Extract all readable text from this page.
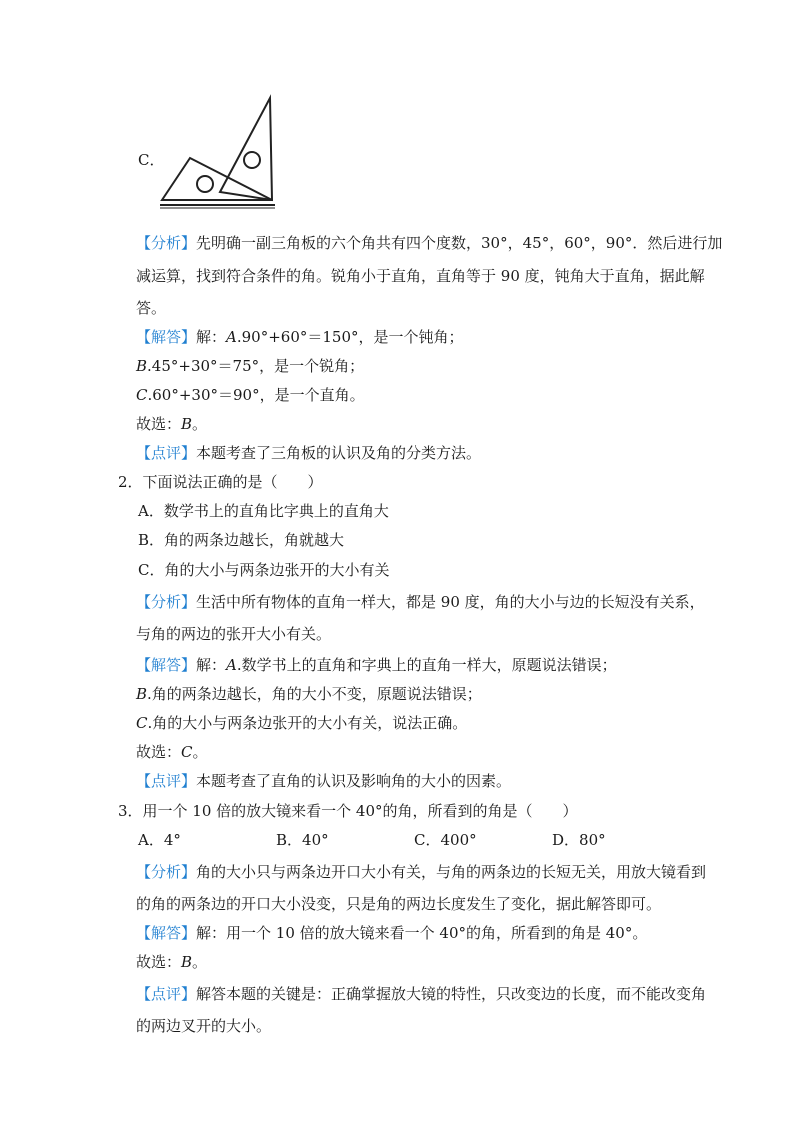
C．
【分析】先明确一副三角板的六个角共有四个度数，30°，45°，60°，90°．然后进行加
减运算，找到符合条件的角。锐角小于直角，直角等于 90 度，钝角大于直角，据此解
答。
【解答】解：A.90°+60°＝150°，是一个钝角；
B.45°+30°＝75°，是一个锐角；
C.60°+30°＝90°，是一个直角。
故选：B。
【点评】本题考查了三角板的认识及角的分类方法。
2．下面说法正确的是（　　）
A．数学书上的直角比字典上的直角大
B．角的两条边越长，角就越大
C．角的大小与两条边张开的大小有关
【分析】生活中所有物体的直角一样大，都是 90 度，角的大小与边的长短没有关系，
与角的两边的张开大小有关。
【解答】解：A.数学书上的直角和字典上的直角一样大，原题说法错误；
B.角的两条边越长，角的大小不变，原题说法错误；
C.角的大小与两条边张开的大小有关，说法正确。
故选：C。
【点评】本题考查了直角的认识及影响角的大小的因素。
3．用一个 10 倍的放大镜来看一个 40°的角，所看到的角是（　　）
A．4°	B．40°	C．400°	D．80°
【分析】角的大小只与两条边开口大小有关，与角的两条边的长短无关，用放大镜看到
的角的两条边的开口大小没变，只是角的两边长度发生了变化，据此解答即可。
【解答】解：用一个 10 倍的放大镜来看一个 40°的角，所看到的角是 40°。
故选：B。
【点评】解答本题的关键是：正确掌握放大镜的特性，只改变边的长度，而不能改变角
的两边叉开的大小。
